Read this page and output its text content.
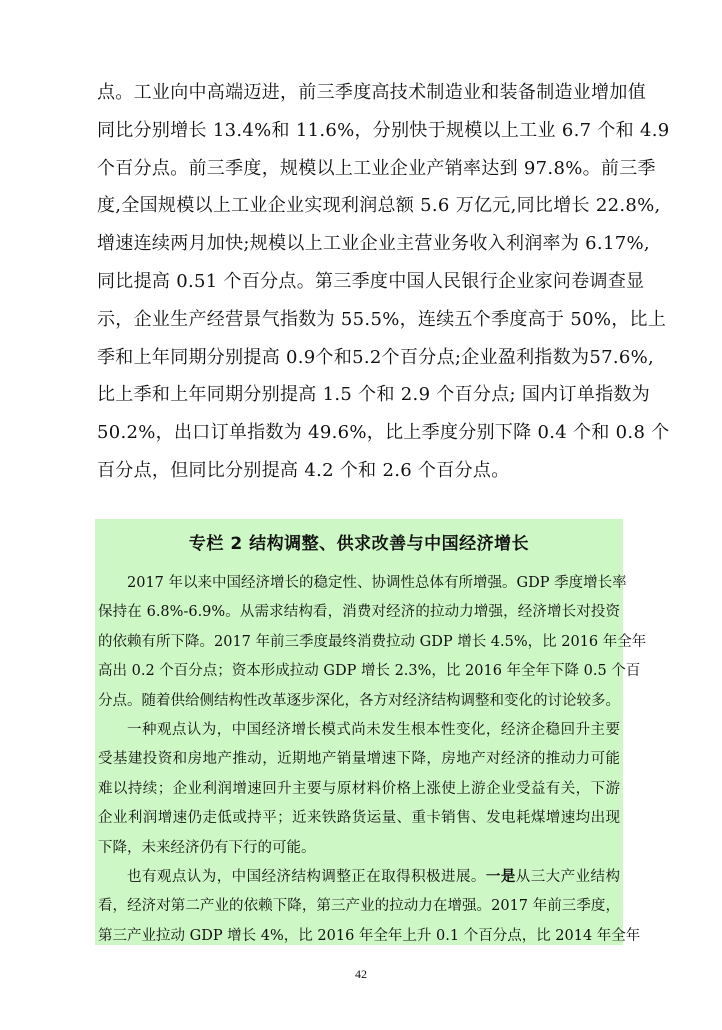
点。工业向中高端迈进，前三季度高技术制造业和装备制造业增加值
同比分别增长 13.4%和 11.6%，分别快于规模以上工业 6.7 个和 4.9
个百分点。前三季度，规模以上工业企业产销率达到 97.8%。前三季
度,全国规模以上工业企业实现利润总额 5.6 万亿元,同比增长 22.8%,
增速连续两月加快;规模以上工业企业主营业务收入利润率为 6.17%,
同比提高 0.51 个百分点。第三季度中国人民银行企业家问卷调查显
示，企业生产经营景气指数为 55.5%，连续五个季度高于 50%，比上
季和上年同期分别提高 0.9个和5.2个百分点;企业盈利指数为57.6%,
比上季和上年同期分别提高 1.5 个和 2.9 个百分点; 国内订单指数为
50.2%，出口订单指数为 49.6%，比上季度分别下降 0.4 个和 0.8 个
百分点，但同比分别提高 4.2 个和 2.6 个百分点。
专栏 2 结构调整、供求改善与中国经济增长
2017 年以来中国经济增长的稳定性、协调性总体有所增强。GDP 季度增长率
保持在 6.8%-6.9%。从需求结构看，消费对经济的拉动力增强，经济增长对投资
的依赖有所下降。2017 年前三季度最终消费拉动 GDP 增长 4.5%，比 2016 年全年
高出 0.2 个百分点；资本形成拉动 GDP 增长 2.3%，比 2016 年全年下降 0.5 个百
分点。随着供给侧结构性改革逐步深化，各方对经济结构调整和变化的讨论较多。
一种观点认为，中国经济增长模式尚未发生根本性变化，经济企稳回升主要
受基建投资和房地产推动，近期地产销量增速下降，房地产对经济的推动力可能
难以持续；企业利润增速回升主要与原材料价格上涨使上游企业受益有关，下游
企业利润增速仍走低或持平；近来铁路货运量、重卡销售、发电耗煤增速均出现
下降，未来经济仍有下行的可能。
也有观点认为，中国经济结构调整正在取得积极进展。一是从三大产业结构
看，经济对第二产业的依赖下降，第三产业的拉动力在增强。2017 年前三季度，
第三产业拉动 GDP 增长 4%，比 2016 年全年上升 0.1 个百分点，比 2014 年全年
42
